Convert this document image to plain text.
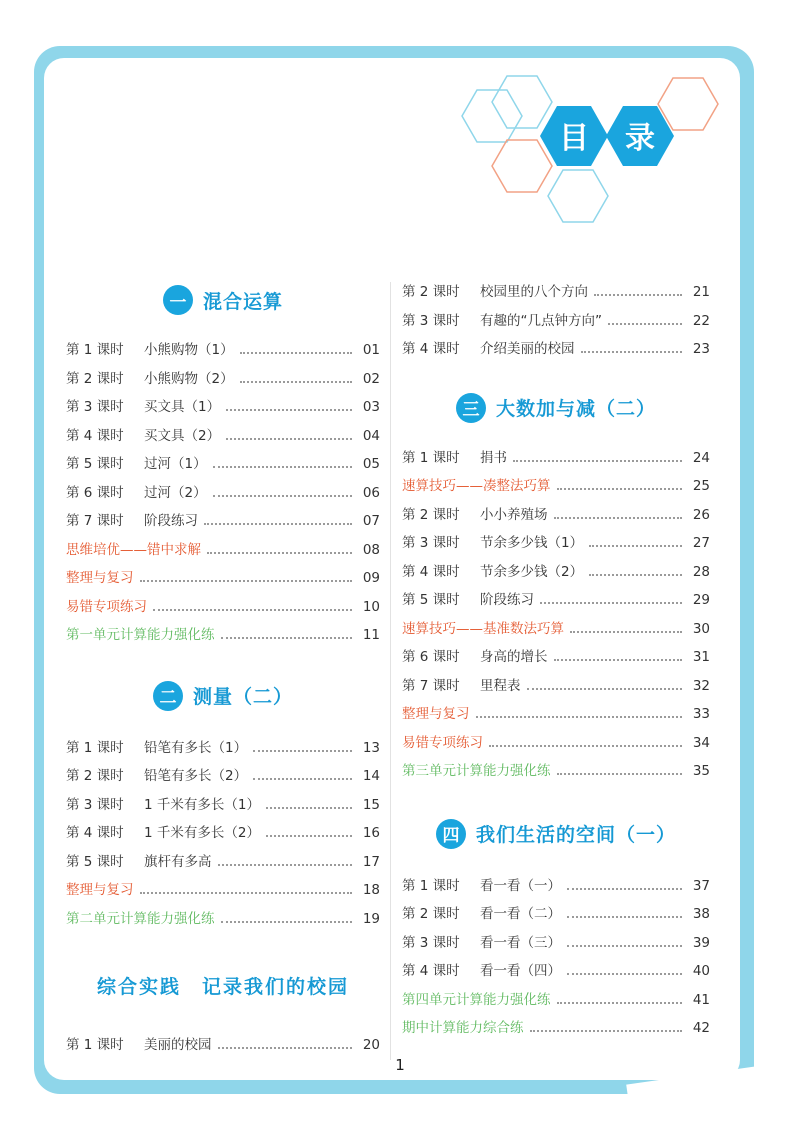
目 录
一 混合运算
第 1 课时	小熊购物（1）	01
第 2 课时	小熊购物（2）	02
第 3 课时	买文具（1）	03
第 4 课时	买文具（2）	04
第 5 课时	过河（1）	05
第 6 课时	过河（2）	06
第 7 课时	阶段练习	07
思维培优——错中求解	08
整理与复习	09
易错专项练习	10
第一单元计算能力强化练	11
二 测量（二）
第 1 课时	铅笔有多长（1）	13
第 2 课时	铅笔有多长（2）	14
第 3 课时	1 千米有多长（1）	15
第 4 课时	1 千米有多长（2）	16
第 5 课时	旗杆有多高	17
整理与复习	18
第二单元计算能力强化练	19
综合实践　记录我们的校园
第 1 课时	美丽的校园	20
第 2 课时	校园里的八个方向	21
第 3 课时	有趣的“几点钟方向”	22
第 4 课时	介绍美丽的校园	23
三 大数加与减（二）
第 1 课时	捐书	24
速算技巧——凑整法巧算	25
第 2 课时	小小养殖场	26
第 3 课时	节余多少钱（1）	27
第 4 课时	节余多少钱（2）	28
第 5 课时	阶段练习	29
速算技巧——基准数法巧算	30
第 6 课时	身高的增长	31
第 7 课时	里程表	32
整理与复习	33
易错专项练习	34
第三单元计算能力强化练	35
四 我们生活的空间（一）
第 1 课时	看一看（一）	37
第 2 课时	看一看（二）	38
第 3 课时	看一看（三）	39
第 4 课时	看一看（四）	40
第四单元计算能力强化练	41
期中计算能力综合练	42
1
